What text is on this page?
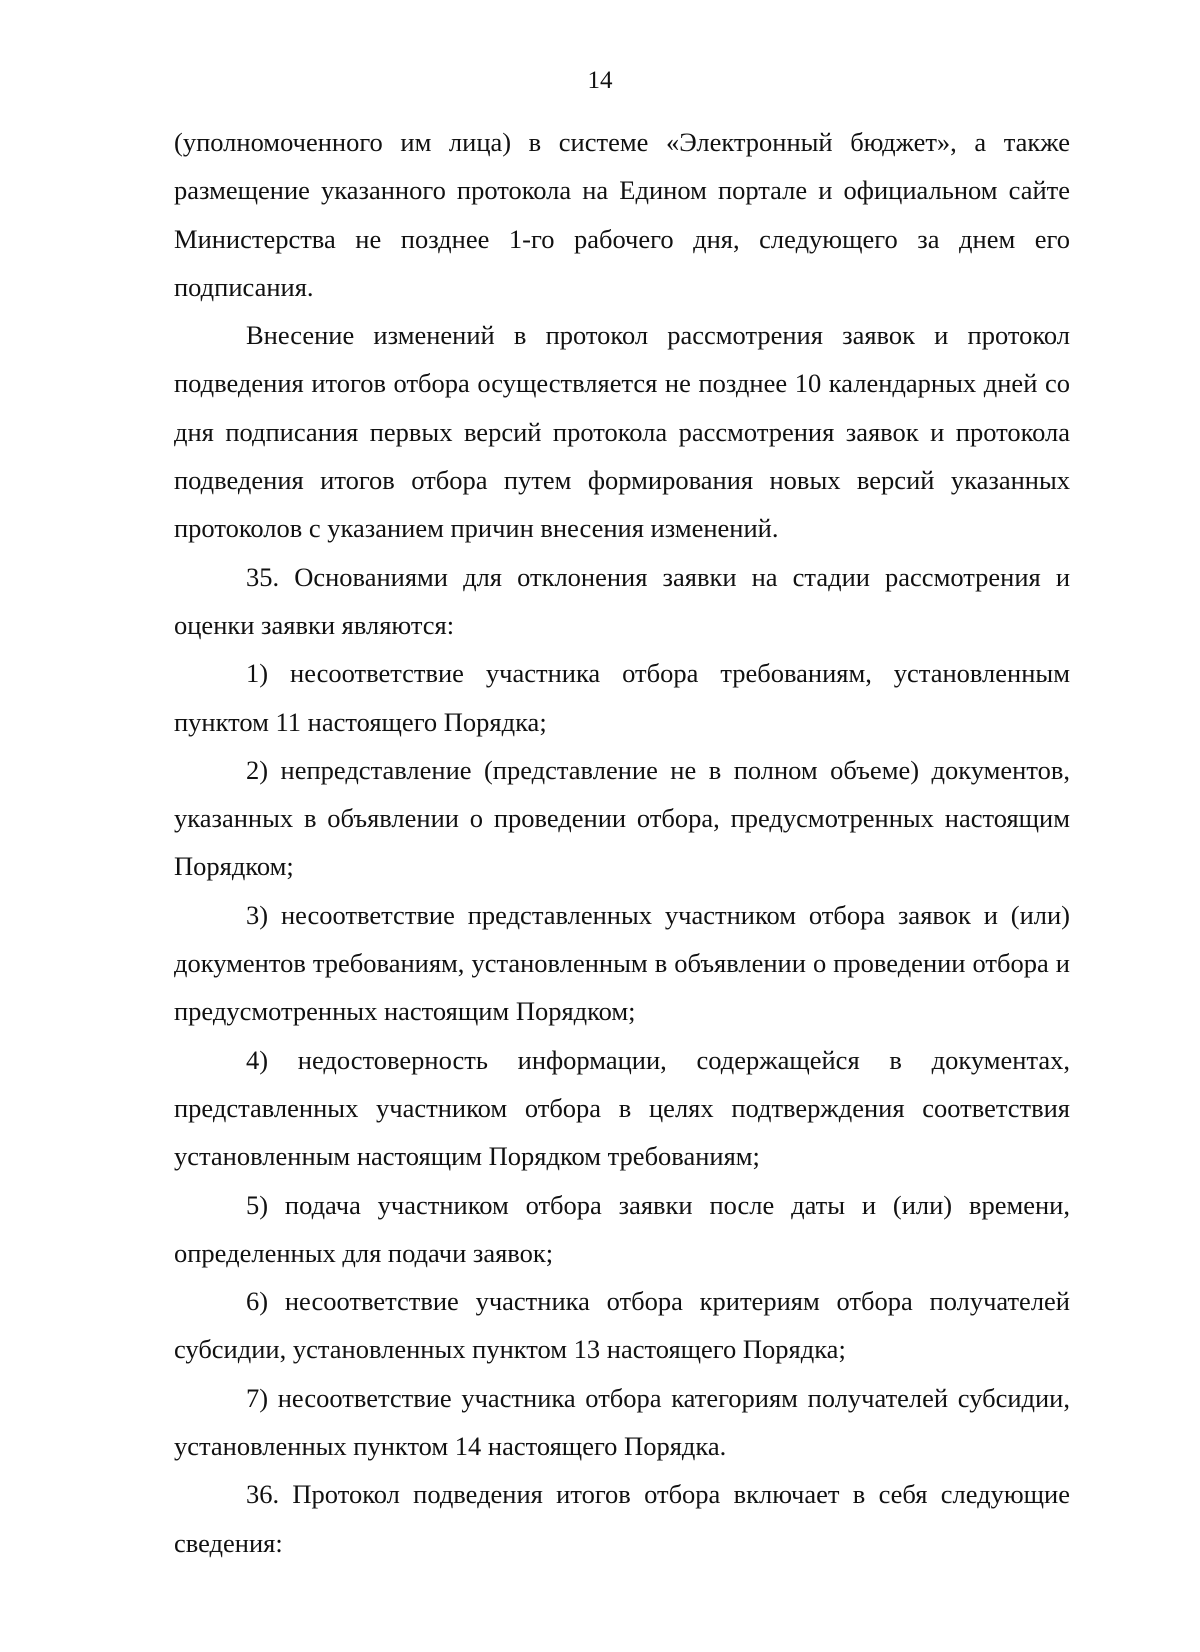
14

(уполномоченного им лица) в системе «Электронный бюджет», а также размещение указанного протокола на Едином портале и официальном сайте Министерства не позднее 1-го рабочего дня, следующего за днем его подписания.

Внесение изменений в протокол рассмотрения заявок и протокол подведения итогов отбора осуществляется не позднее 10 календарных дней со дня подписания первых версий протокола рассмотрения заявок и протокола подведения итогов отбора путем формирования новых версий указанных протоколов с указанием причин внесения изменений.

35. Основаниями для отклонения заявки на стадии рассмотрения и оценки заявки являются:

1) несоответствие участника отбора требованиям, установленным пунктом 11 настоящего Порядка;

2) непредставление (представление не в полном объеме) документов, указанных в объявлении о проведении отбора, предусмотренных настоящим Порядком;

3) несоответствие представленных участником отбора заявок и (или) документов требованиям, установленным в объявлении о проведении отбора и предусмотренных настоящим Порядком;

4) недостоверность информации, содержащейся в документах, представленных участником отбора в целях подтверждения соответствия установленным настоящим Порядком требованиям;

5) подача участником отбора заявки после даты и (или) времени, определенных для подачи заявок;

6) несоответствие участника отбора критериям отбора получателей субсидии, установленных пунктом 13 настоящего Порядка;

7) несоответствие участника отбора категориям получателей субсидии, установленных пунктом 14 настоящего Порядка.

36. Протокол подведения итогов отбора включает в себя следующие сведения:
